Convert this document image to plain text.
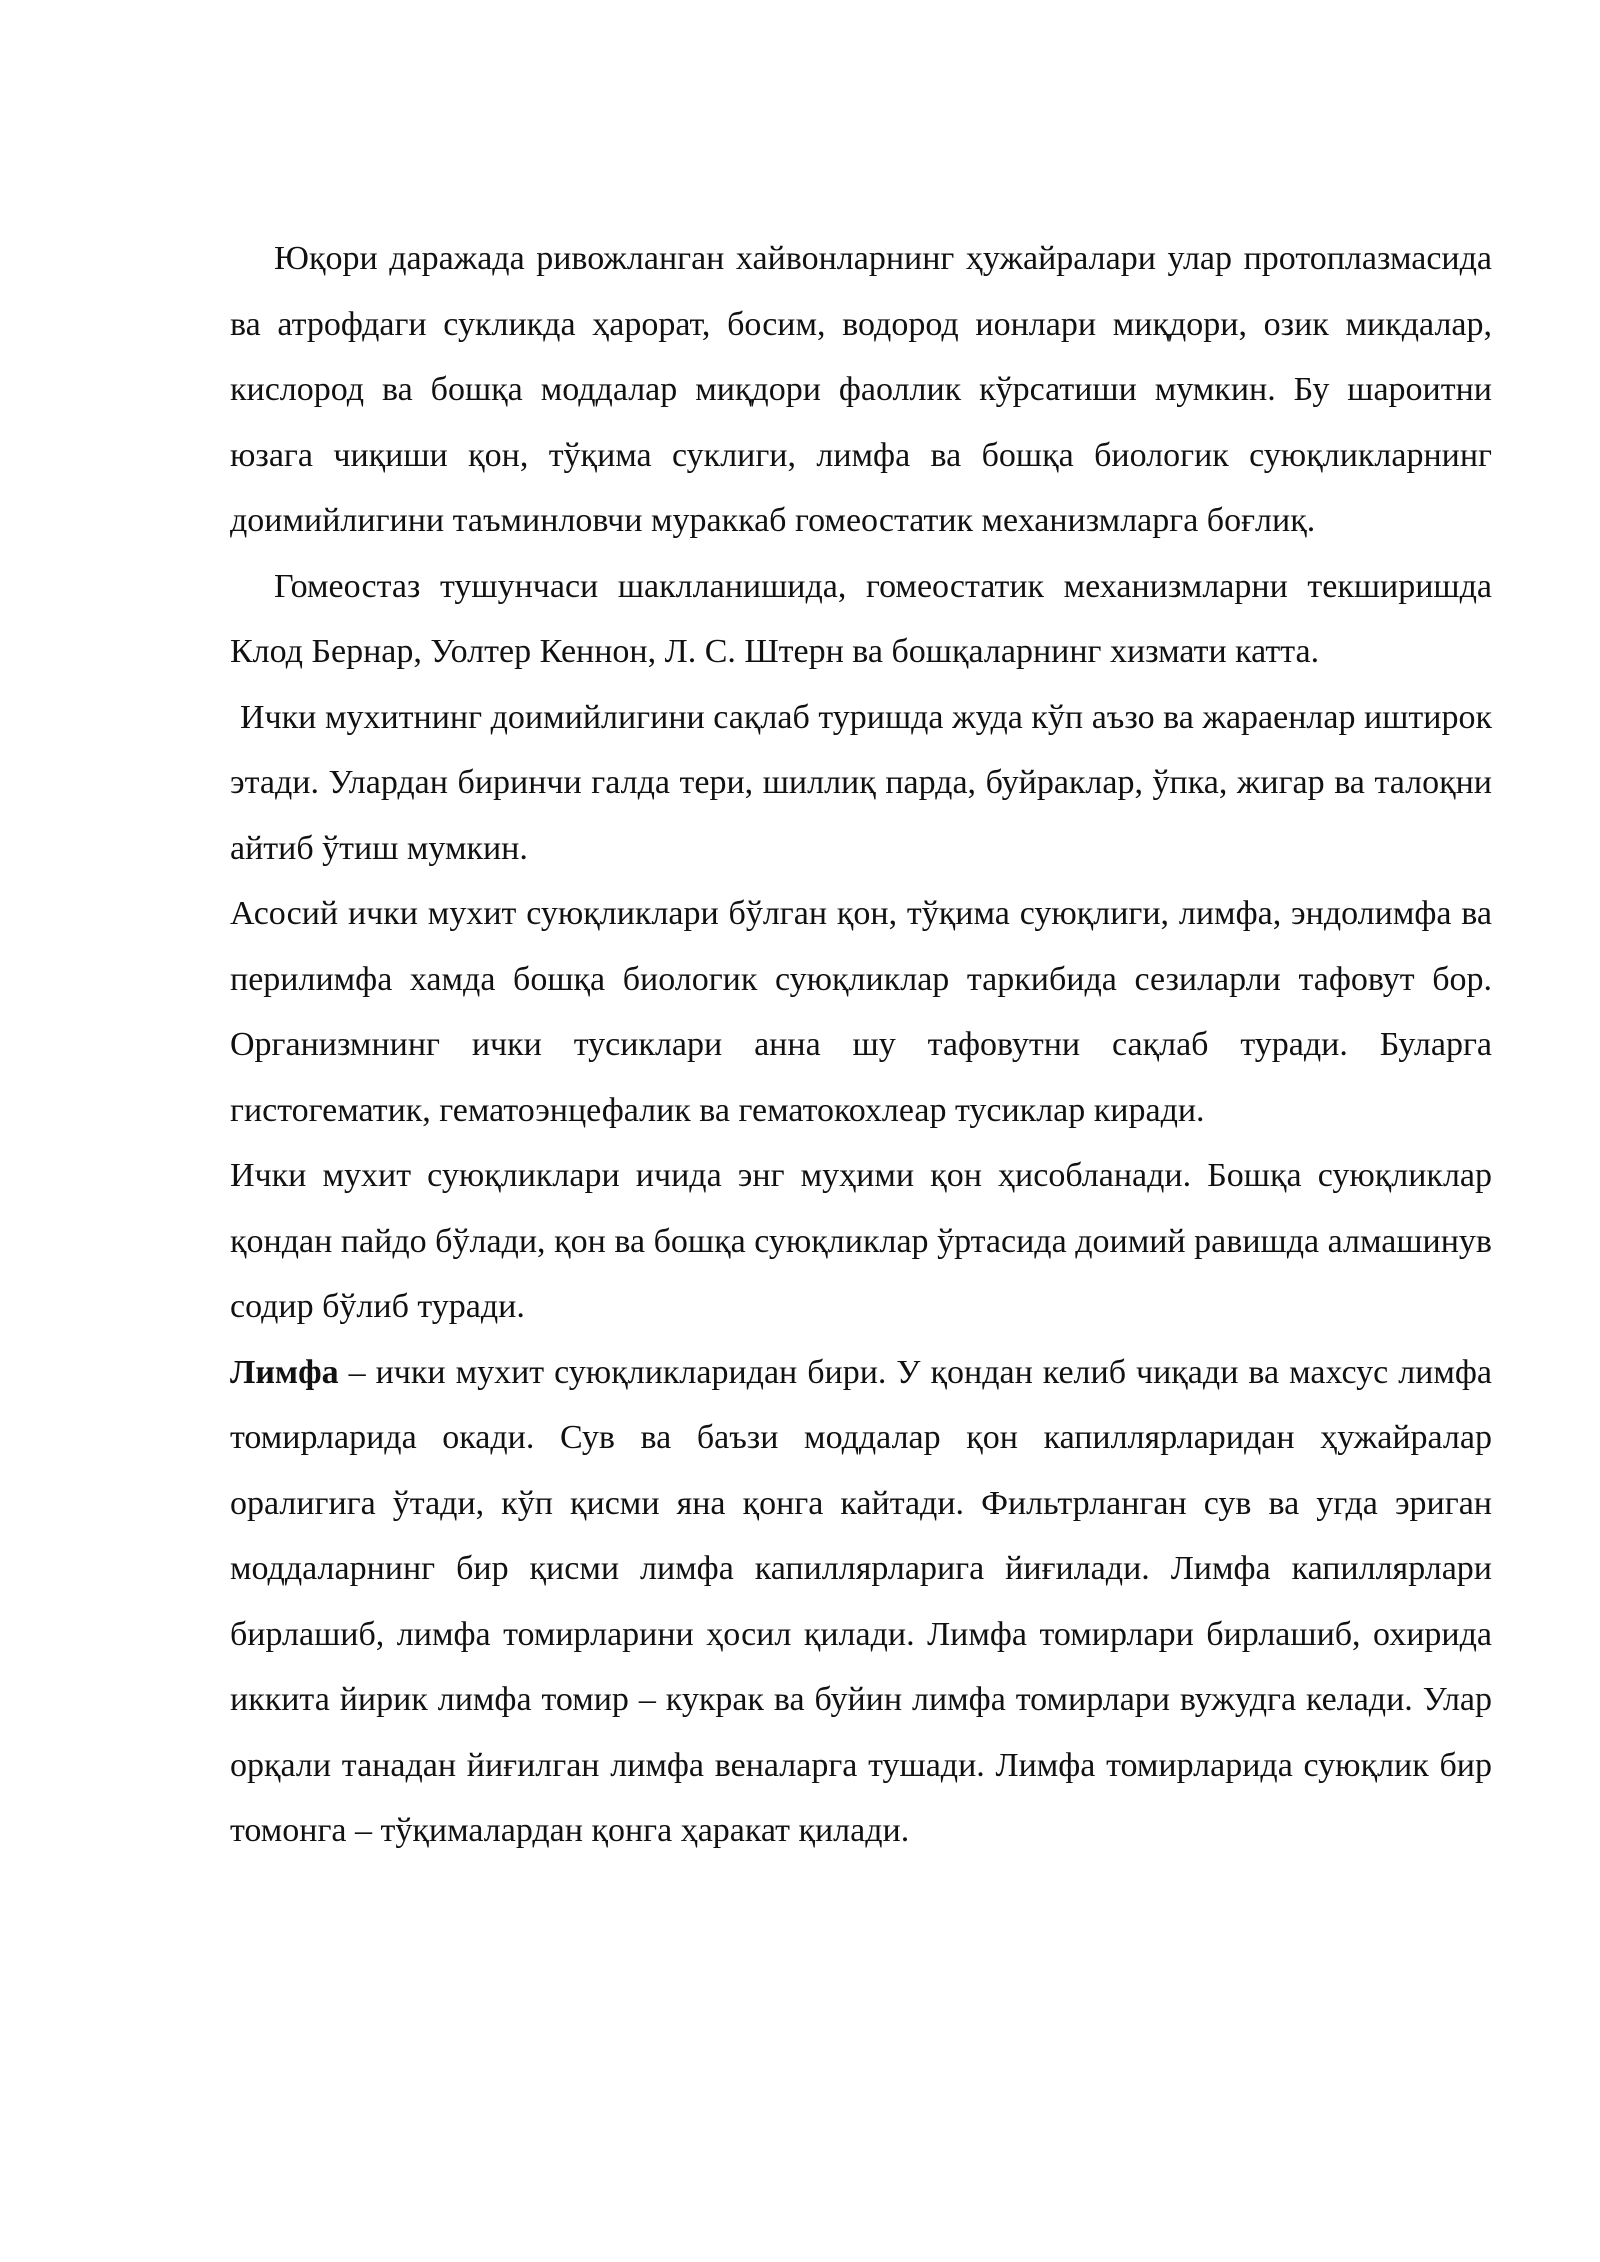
Юқори даражада ривожланган хайвонларнинг ҳужайралари улар протоплазмасида ва атрофдаги сукликда ҳарорат, босим, водород ионлари миқдори, озик микдалар, кислород ва бошқа моддалар миқдори фаоллик кўрсатиши мумкин. Бу шароитни юзага чиқиши қон, тўқима суклиги, лимфа ва бошқа биологик суюқликларнинг доимийлигини таъминловчи мураккаб гомеостатик механизмларга боғлиқ.

Гомеостаз тушунчаси шаклланишида, гомеостатик механизмларни текширишда Клод Бернар, Уолтер Кеннон, Л. С. Штерн ва бошқаларнинг хизмати катта.

Ички мухитнинг доимийлигини сақлаб туришда жуда кўп аъзо ва жараенлар иштирок этади. Улардан биринчи галда тери, шиллиқ парда, буйраклар, ўпка, жигар ва талоқни айтиб ўтиш мумкин.

Асосий ички мухит суюқликлари бўлган қон, тўқима суюқлиги, лимфа, эндолимфа ва перилимфа хамда бошқа биологик суюқликлар таркибида сезиларли тафовут бор. Организмнинг ички тусиклари анна шу тафовутни сақлаб туради. Буларга гистогематик, гематоэнцефалик ва гематокохлеар тусиклар киради.

Ички мухит суюқликлари ичида энг муҳими қон ҳисобланади. Бошқа суюқликлар қондан пайдо бўлади, қон ва бошқа суюқликлар ўртасида доимий равишда алмашинув содир бўлиб туради.

Лимфа – ички мухит суюқликларидан бири. У қондан келиб чиқади ва махсус лимфа томирларида окади. Сув ва баъзи моддалар қон капиллярларидан ҳужайралар оралигига ўтади, кўп қисми яна қонга кайтади. Фильтрланган сув ва угда эриган моддаларнинг бир қисми лимфа капиллярларига йиғилади. Лимфа капиллярлари бирлашиб, лимфа томирларини ҳосил қилади. Лимфа томирлари бирлашиб, охирида иккита йирик лимфа томир – кукрак ва буйин лимфа томирлари вужудга келади. Улар орқали танадан йиғилган лимфа веналарга тушади. Лимфа томирларида суюқлик бир томонга – тўқималардан қонга ҳаракат қилади.
